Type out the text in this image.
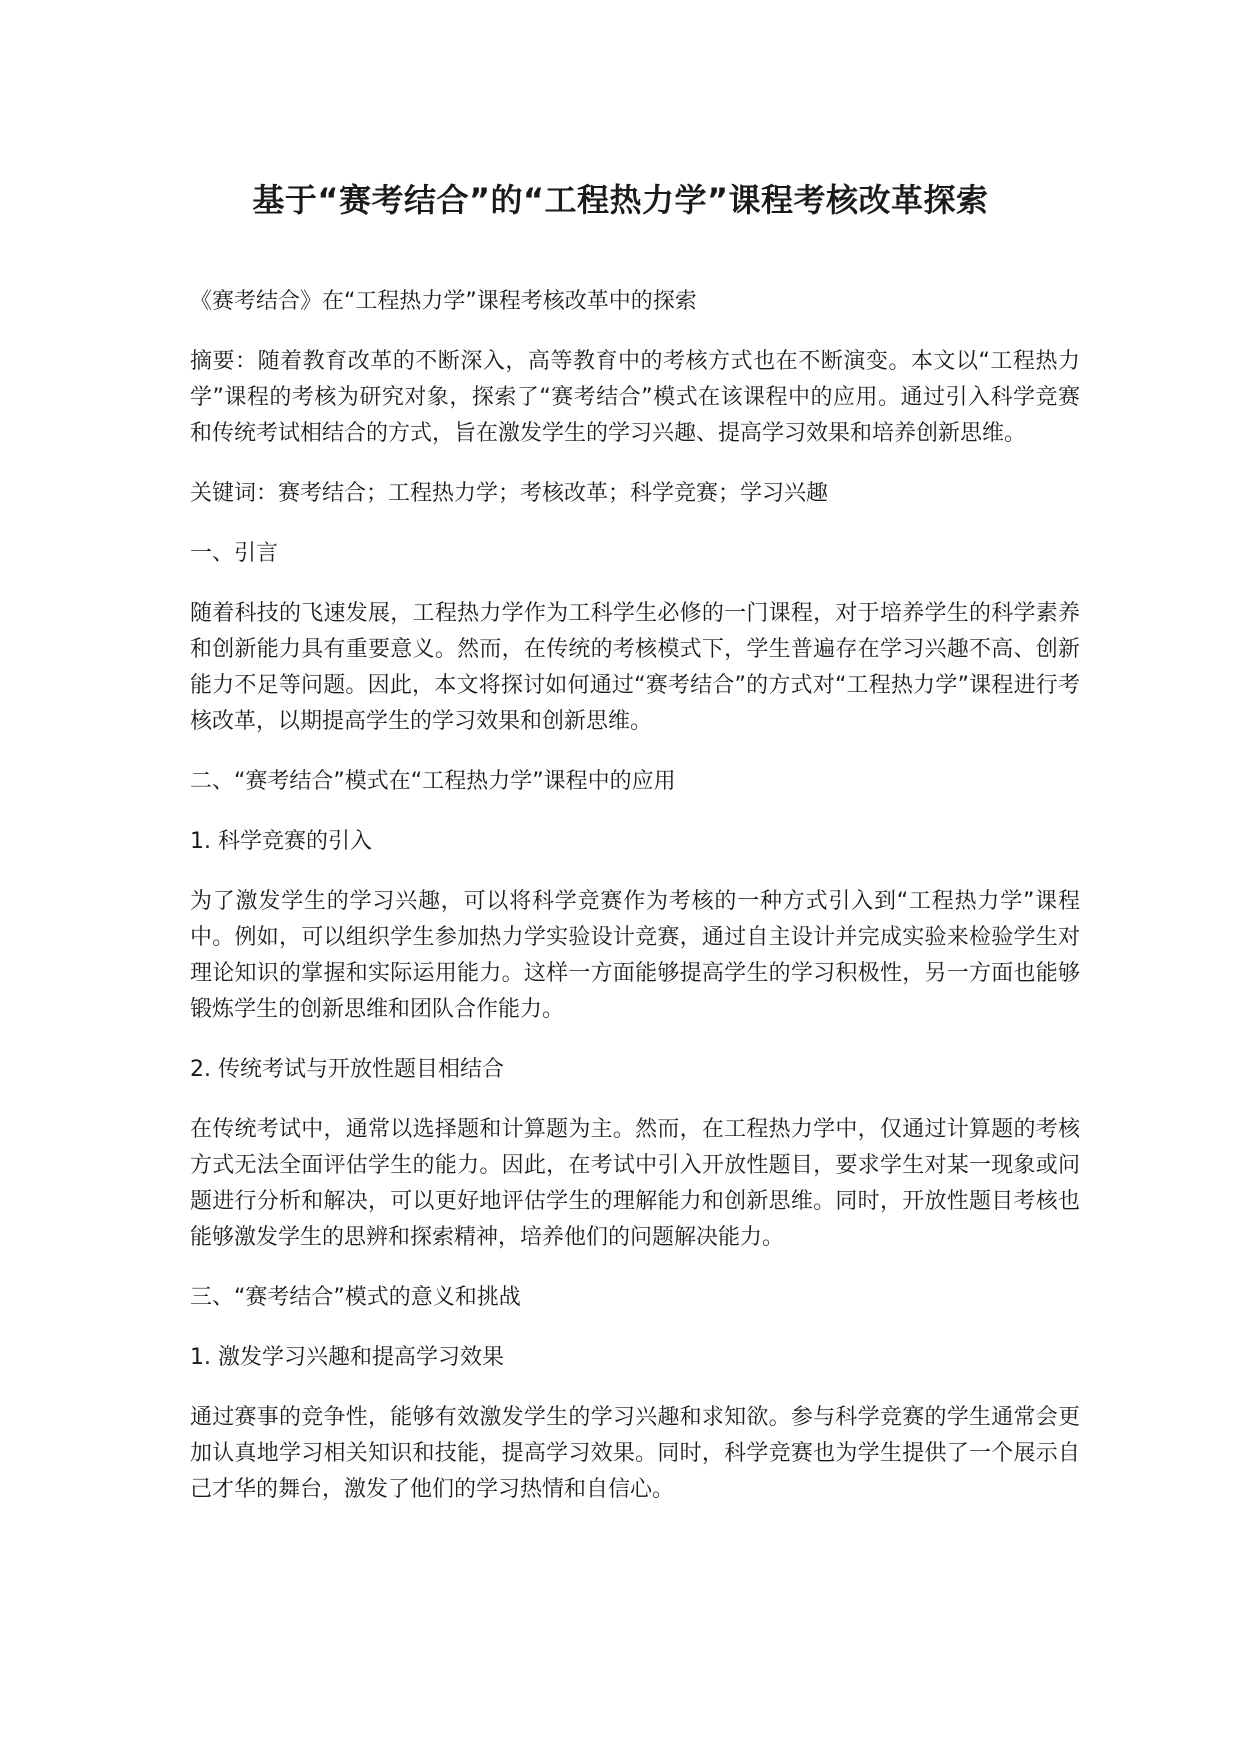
基于“赛考结合”的“工程热力学”课程考核改革探索

《赛考结合》在“工程热力学”课程考核改革中的探索

摘要：随着教育改革的不断深入，高等教育中的考核方式也在不断演变。本文以“工程热力学”课程的考核为研究对象，探索了“赛考结合”模式在该课程中的应用。通过引入科学竞赛和传统考试相结合的方式，旨在激发学生的学习兴趣、提高学习效果和培养创新思维。

关键词：赛考结合；工程热力学；考核改革；科学竞赛；学习兴趣

一、引言

随着科技的飞速发展，工程热力学作为工科学生必修的一门课程，对于培养学生的科学素养和创新能力具有重要意义。然而，在传统的考核模式下，学生普遍存在学习兴趣不高、创新能力不足等问题。因此，本文将探讨如何通过“赛考结合”的方式对“工程热力学”课程进行考核改革，以期提高学生的学习效果和创新思维。

二、“赛考结合”模式在“工程热力学”课程中的应用

1. 科学竞赛的引入

为了激发学生的学习兴趣，可以将科学竞赛作为考核的一种方式引入到“工程热力学”课程中。例如，可以组织学生参加热力学实验设计竞赛，通过自主设计并完成实验来检验学生对理论知识的掌握和实际运用能力。这样一方面能够提高学生的学习积极性，另一方面也能够锻炼学生的创新思维和团队合作能力。

2. 传统考试与开放性题目相结合

在传统考试中，通常以选择题和计算题为主。然而，在工程热力学中，仅通过计算题的考核方式无法全面评估学生的能力。因此，在考试中引入开放性题目，要求学生对某一现象或问题进行分析和解决，可以更好地评估学生的理解能力和创新思维。同时，开放性题目考核也能够激发学生的思辨和探索精神，培养他们的问题解决能力。

三、“赛考结合”模式的意义和挑战

1. 激发学习兴趣和提高学习效果

通过赛事的竞争性，能够有效激发学生的学习兴趣和求知欲。参与科学竞赛的学生通常会更加认真地学习相关知识和技能，提高学习效果。同时，科学竞赛也为学生提供了一个展示自己才华的舞台，激发了他们的学习热情和自信心。
